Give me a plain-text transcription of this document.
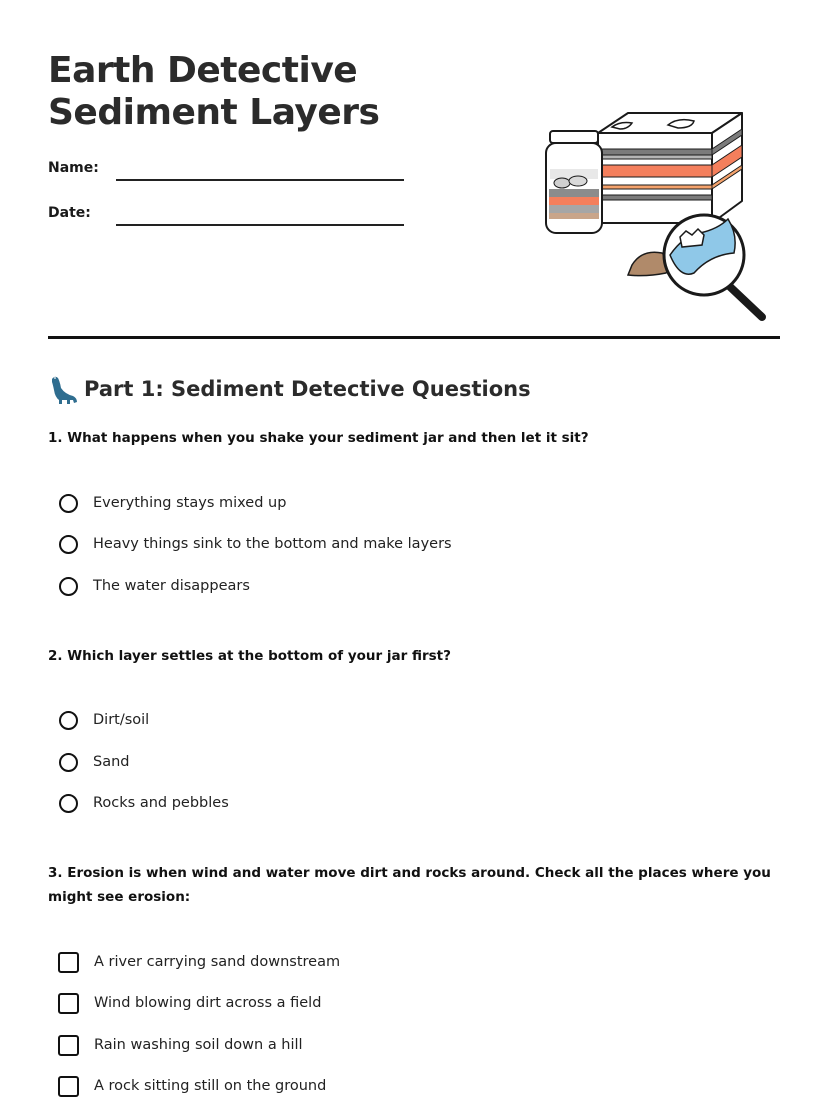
Earth Detective
Sediment Layers
Name:
Date:
Part 1: Sediment Detective Questions

1. What happens when you shake your sediment jar and then let it sit?

Everything stays mixed up
Heavy things sink to the bottom and make layers
The water disappears

2. Which layer settles at the bottom of your jar first?

Dirt/soil
Sand
Rocks and pebbles

3. Erosion is when wind and water move dirt and rocks around. Check all the places where you might see erosion:

A river carrying sand downstream
Wind blowing dirt across a field
Rain washing soil down a hill
A rock sitting still on the ground
